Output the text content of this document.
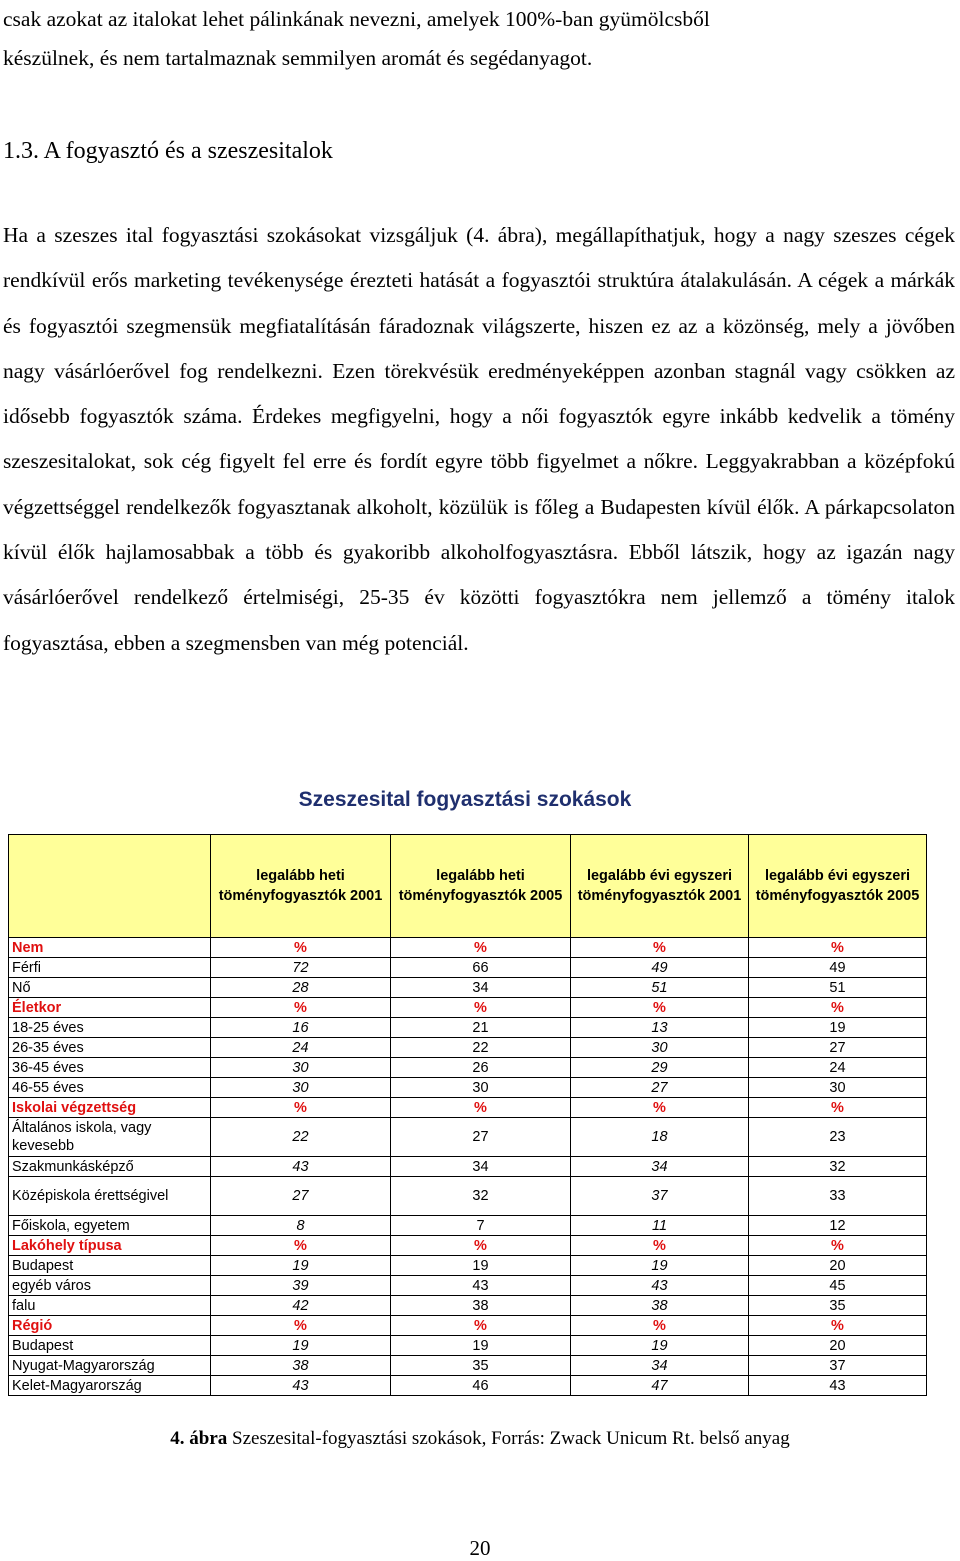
csak azokat az italokat lehet pálinkának nevezni, amelyek 100%-ban gyümölcsből

készülnek, és nem tartalmaznak semmilyen aromát és segédanyagot.

1.3. A fogyasztó és a szeszesitalok

Ha a szeszes ital fogyasztási szokásokat vizsgáljuk (4. ábra), megállapíthatjuk, hogy a nagy szeszes cégek rendkívül erős marketing tevékenysége érezteti hatását a fogyasztói struktúra átalakulásán. A cégek a márkák és fogyasztói szegmensük megfiatalításán fáradoznak világszerte, hiszen ez az a közönség, mely a jövőben nagy vásárlóerővel fog rendelkezni. Ezen törekvésük eredményeképpen azonban stagnál vagy csökken az idősebb fogyasztók száma. Érdekes megfigyelni, hogy a női fogyasztók egyre inkább kedvelik a tömény szeszesitalokat, sok cég figyelt fel erre és fordít egyre több figyelmet a nőkre. Leggyakrabban a középfokú végzettséggel rendelkezők fogyasztanak alkoholt, közülük is főleg a Budapesten kívül élők. A párkapcsolaton kívül élők hajlamosabbak a több és gyakoribb alkoholfogyasztásra. Ebből látszik, hogy az igazán nagy vásárlóerővel rendelkező értelmiségi, 25-35 év közötti fogyasztókra nem jellemző a tömény italok fogyasztása, ebben a szegmensben van még potenciál.

Szeszesital fogyasztási szokások
	legalább heti töményfogyasztók 2001	legalább heti töményfogyasztók 2005	legalább évi egyszeri töményfogyasztók 2001	legalább évi egyszeri töményfogyasztók 2005
Nem	%	%	%	%
Férfi	72	66	49	49
Nő	28	34	51	51
Életkor	%	%	%	%
18-25 éves	16	21	13	19
26-35 éves	24	22	30	27
36-45 éves	30	26	29	24
46-55 éves	30	30	27	30
Iskolai végzettség	%	%	%	%
Általános iskola, vagy kevesebb	22	27	18	23
Szakmunkásképző	43	34	34	32
Középiskola érettségivel	27	32	37	33
Főiskola, egyetem	8	7	11	12
Lakóhely típusa	%	%	%	%
Budapest	19	19	19	20
egyéb város	39	43	43	45
falu	42	38	38	35
Régió	%	%	%	%
Budapest	19	19	19	20
Nyugat-Magyarország	38	35	34	37
Kelet-Magyarország	43	46	47	43
4. ábra Szeszesital-fogyasztási szokások, Forrás: Zwack Unicum Rt. belső anyag
20
